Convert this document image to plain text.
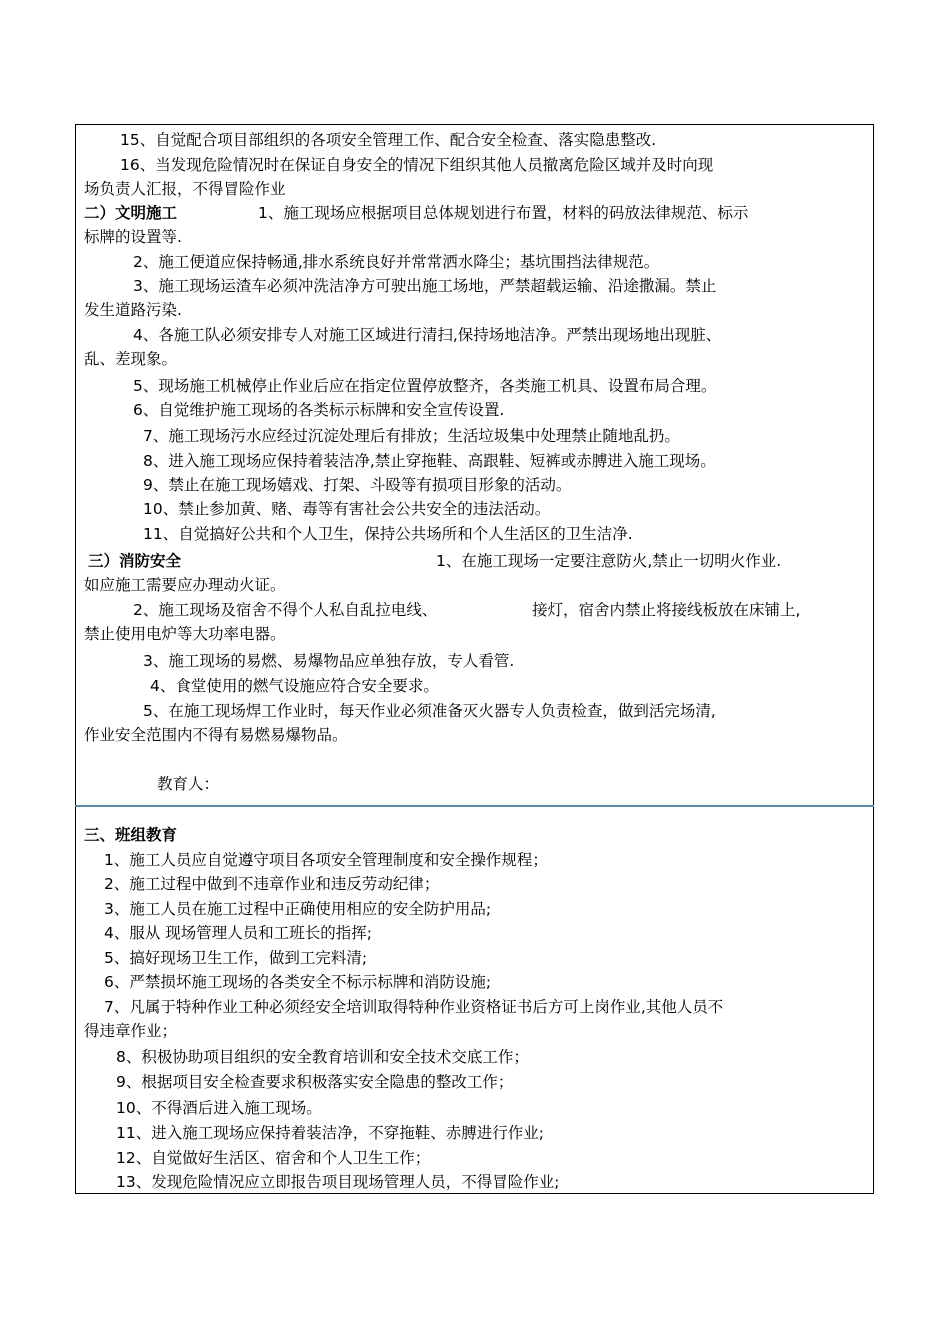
15、自觉配合项目部组织的各项安全管理工作、配合安全检查、落实隐患整改.
16、当发现危险情况时在保证自身安全的情况下组织其他人员撤离危险区域并及时向现
场负责人汇报，不得冒险作业
二）文明施工	1、施工现场应根据项目总体规划进行布置，材料的码放法律规范、标示
标牌的设置等.
2、施工便道应保持畅通,排水系统良好并常常洒水降尘；基坑围挡法律规范。
3、施工现场运渣车必须冲洗洁净方可驶出施工场地，严禁超载运输、沿途撒漏。禁止
发生道路污染.
4、各施工队必须安排专人对施工区域进行清扫,保持场地洁净。严禁出现场地出现脏、
乱、差现象。
5、现场施工机械停止作业后应在指定位置停放整齐，各类施工机具、设置布局合理。
6、自觉维护施工现场的各类标示标牌和安全宣传设置.
7、施工现场污水应经过沉淀处理后有排放；生活垃圾集中处理禁止随地乱扔。
8、进入施工现场应保持着装洁净,禁止穿拖鞋、高跟鞋、短裤或赤膊进入施工现场。
9、禁止在施工现场嬉戏、打架、斗殴等有损项目形象的活动。
10、禁止参加黄、赌、毒等有害社会公共安全的违法活动。
11、自觉搞好公共和个人卫生，保持公共场所和个人生活区的卫生洁净.
三）消防安全	1、在施工现场一定要注意防火,禁止一切明火作业.
如应施工需要应办理动火证。
2、施工现场及宿舍不得个人私自乱拉电线、	接灯，宿舍内禁止将接线板放在床铺上,
禁止使用电炉等大功率电器。
3、施工现场的易燃、易爆物品应单独存放，专人看管.
4、食堂使用的燃气设施应符合安全要求。
5、在施工现场焊工作业时，每天作业必须准备灭火器专人负责检查，做到活完场清,
作业安全范围内不得有易燃易爆物品。
教育人：
三、班组教育
1、施工人员应自觉遵守项目各项安全管理制度和安全操作规程；
2、施工过程中做到不违章作业和违反劳动纪律；
3、施工人员在施工过程中正确使用相应的安全防护用品;
4、服从 现场管理人员和工班长的指挥;
5、搞好现场卫生工作，做到工完料清;
6、严禁损坏施工现场的各类安全不标示标牌和消防设施;
7、凡属于特种作业工种必须经安全培训取得特种作业资格证书后方可上岗作业,其他人员不
得违章作业；
8、积极协助项目组织的安全教育培训和安全技术交底工作；
9、根据项目安全检查要求积极落实安全隐患的整改工作；
10、不得酒后进入施工现场。
11、进入施工现场应保持着装洁净，不穿拖鞋、赤膊进行作业;
12、自觉做好生活区、宿舍和个人卫生工作；
13、发现危险情况应立即报告项目现场管理人员，不得冒险作业;
